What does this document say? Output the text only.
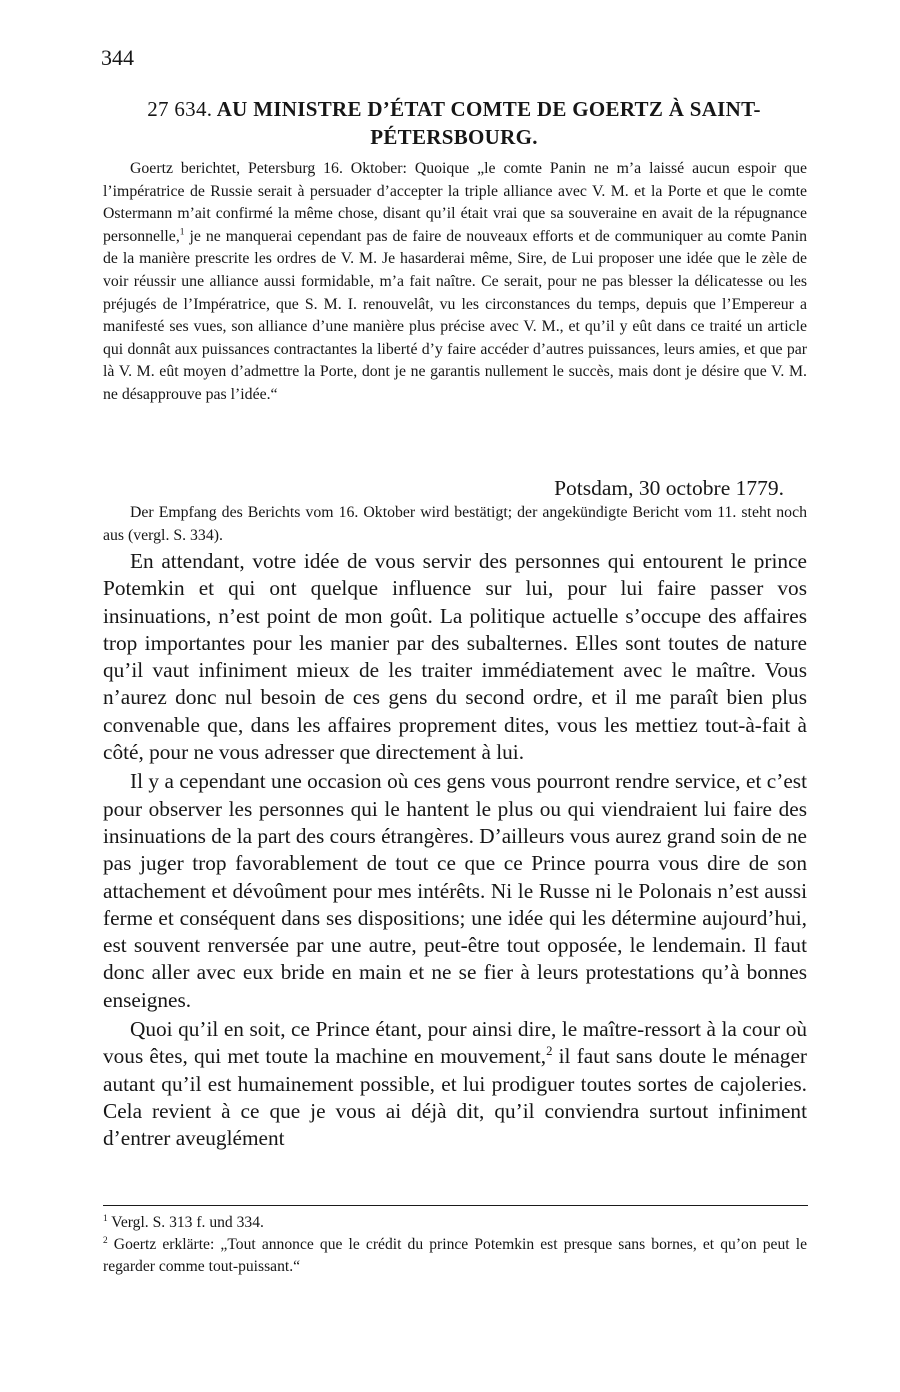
344
27 634. AU MINISTRE D’ÉTAT COMTE DE GOERTZ À SAINT-PÉTERSBOURG.
Goertz berichtet, Petersburg 16. Oktober: Quoique „le comte Panin ne m’a laissé aucun espoir que l’impératrice de Russie serait à persuader d’accepter la triple alliance avec V. M. et la Porte et que le comte Ostermann m’ait confirmé la même chose, disant qu’il était vrai que sa souveraine en avait de la répugnance personnelle,$^1$ je ne manquerai cependant pas de faire de nouveaux efforts et de communiquer au comte Panin de la manière prescrite les ordres de V. M. Je hasarderai même, Sire, de Lui proposer une idée que le zèle de voir réussir une alliance aussi formidable, m’a fait naître. Ce serait, pour ne pas blesser la délicatesse ou les préjugés de l’Impératrice, que S. M. I. renouvelât, vu les circonstances du temps, depuis que l’Empereur a manifesté ses vues, son alliance d’une manière plus précise avec V. M., et qu’il y eût dans ce traité un article qui donnât aux puissances contractantes la liberté d’y faire accéder d’autres puissances, leurs amies, et que par là V. M. eût moyen d’admettre la Porte, dont je ne garantis nullement le succès, mais dont je désire que V. M. ne désapprouve pas l’idée.“
Potsdam, 30 octobre 1779.
Der Empfang des Berichts vom 16. Oktober wird bestätigt; der angekündigte Bericht vom 11. steht noch aus (vergl. S. 334).

En attendant, votre idée de vous servir des personnes qui entourent le prince Potemkin et qui ont quelque influence sur lui, pour lui faire passer vos insinuations, n’est point de mon goût. La politique actuelle s’occupe des affaires trop importantes pour les manier par des subalternes. Elles sont toutes de nature qu’il vaut infiniment mieux de les traiter immédiatement avec le maître. Vous n’aurez donc nul besoin de ces gens du second ordre, et il me paraît bien plus convenable que, dans les affaires proprement dites, vous les mettiez tout-à-fait à côté, pour ne vous adresser que directement à lui.

Il y a cependant une occasion où ces gens vous pourront rendre service, et c’est pour observer les personnes qui le hantent le plus ou qui viendraient lui faire des insinuations de la part des cours étrangères. D’ailleurs vous aurez grand soin de ne pas juger trop favorablement de tout ce que ce Prince pourra vous dire de son attachement et dévoûment pour mes intérêts. Ni le Russe ni le Polonais n’est aussi ferme et conséquent dans ses dispositions; une idée qui les détermine aujourd’hui, est souvent renversée par une autre, peut-être tout opposée, le lendemain. Il faut donc aller avec eux bride en main et ne se fier à leurs protestations qu’à bonnes enseignes.

Quoi qu’il en soit, ce Prince étant, pour ainsi dire, le maître-ressort à la cour où vous êtes, qui met toute la machine en mouvement,$^2$ il faut sans doute le ménager autant qu’il est humainement possible, et lui prodiguer toutes sortes de cajoleries. Cela revient à ce que je vous ai déjà dit, qu’il conviendra surtout infiniment d’entrer aveuglément

$^1$ Vergl. S. 313 f. und 334.

$^2$ Goertz erklärte: „Tout annonce que le crédit du prince Potemkin est presque sans bornes, et qu’on peut le regarder comme tout-puissant.“
